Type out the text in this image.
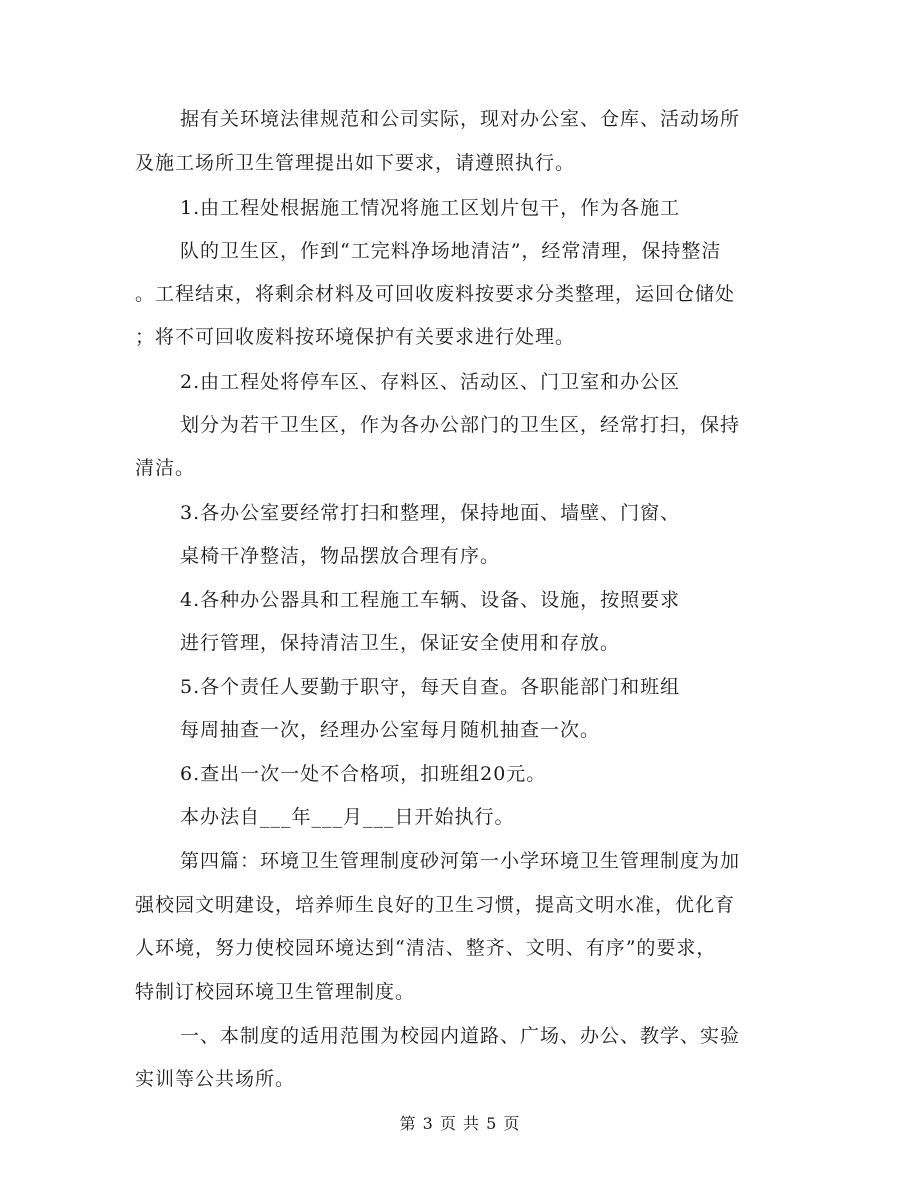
据有关环境法律规范和公司实际，现对办公室、仓库、活动场所
及施工场所卫生管理提出如下要求，请遵照执行。
1.由工程处根据施工情况将施工区划片包干，作为各施工
队的卫生区，作到“工完料净场地清洁”，经常清理，保持整洁
。工程结束，将剩余材料及可回收废料按要求分类整理，运回仓储处
；将不可回收废料按环境保护有关要求进行处理。
2.由工程处将停车区、存料区、活动区、门卫室和办公区
划分为若干卫生区，作为各办公部门的卫生区，经常打扫，保持
清洁。
3.各办公室要经常打扫和整理，保持地面、墙壁、门窗、
桌椅干净整洁，物品摆放合理有序。
4.各种办公器具和工程施工车辆、设备、设施，按照要求
进行管理，保持清洁卫生，保证安全使用和存放。
5.各个责任人要勤于职守，每天自查。各职能部门和班组
每周抽查一次，经理办公室每月随机抽查一次。
6.查出一次一处不合格项，扣班组20元。
本办法自___年___月___日开始执行。
第四篇：环境卫生管理制度砂河第一小学环境卫生管理制度为加
强校园文明建设，培养师生良好的卫生习惯，提高文明水准，优化育
人环境，努力使校园环境达到“清洁、整齐、文明、有序”的要求，
特制订校园环境卫生管理制度。
一、本制度的适用范围为校园内道路、广场、办公、教学、实验
实训等公共场所。
第 3 页 共 5 页
